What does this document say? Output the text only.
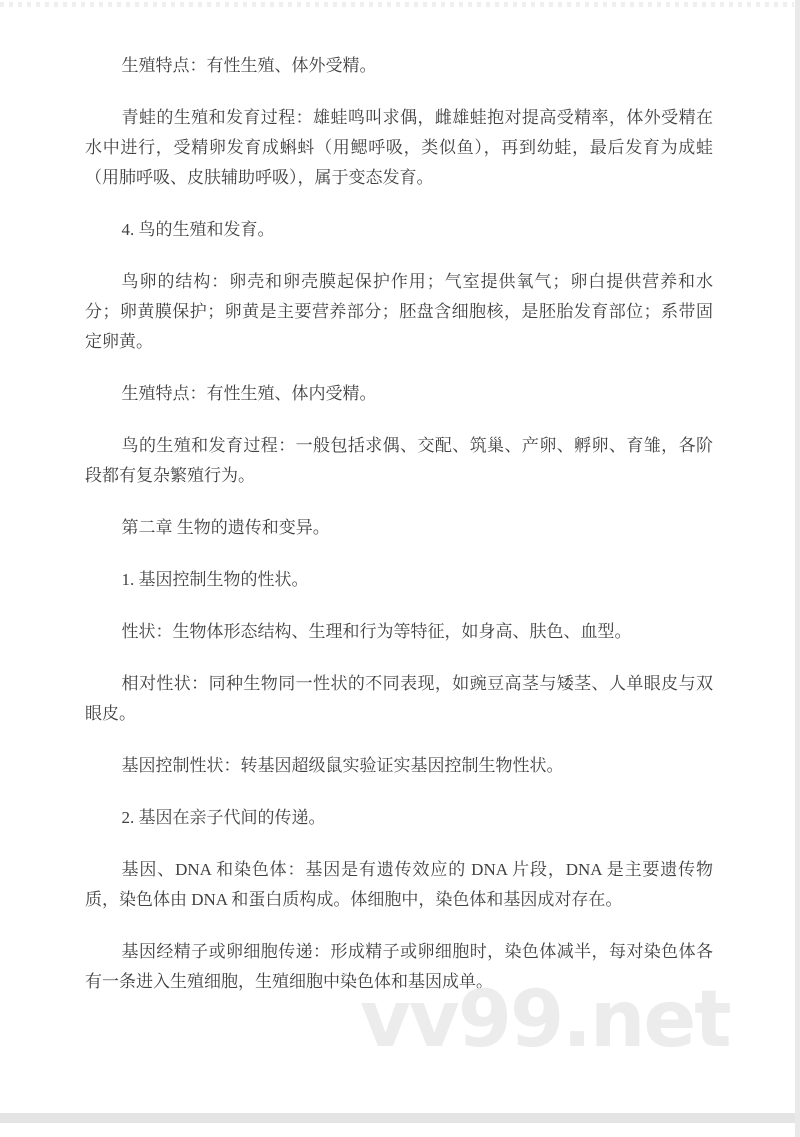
生殖特点：有性生殖、体外受精。

青蛙的生殖和发育过程：雄蛙鸣叫求偶，雌雄蛙抱对提高受精率，体外受精在水中进行，受精卵发育成蝌蚪（用鳃呼吸，类似鱼），再到幼蛙，最后发育为成蛙（用肺呼吸、皮肤辅助呼吸），属于变态发育。

4. 鸟的生殖和发育。

鸟卵的结构：卵壳和卵壳膜起保护作用；气室提供氧气；卵白提供营养和水分；卵黄膜保护；卵黄是主要营养部分；胚盘含细胞核，是胚胎发育部位；系带固定卵黄。

生殖特点：有性生殖、体内受精。

鸟的生殖和发育过程：一般包括求偶、交配、筑巢、产卵、孵卵、育雏，各阶段都有复杂繁殖行为。

第二章 生物的遗传和变异。

1. 基因控制生物的性状。

性状：生物体形态结构、生理和行为等特征，如身高、肤色、血型。

相对性状：同种生物同一性状的不同表现，如豌豆高茎与矮茎、人单眼皮与双眼皮。

基因控制性状：转基因超级鼠实验证实基因控制生物性状。

2. 基因在亲子代间的传递。

基因、DNA 和染色体：基因是有遗传效应的 DNA 片段，DNA 是主要遗传物质，染色体由 DNA 和蛋白质构成。体细胞中，染色体和基因成对存在。

基因经精子或卵细胞传递：形成精子或卵细胞时，染色体减半，每对染色体各有一条进入生殖细胞，生殖细胞中染色体和基因成单。

vv99.net
